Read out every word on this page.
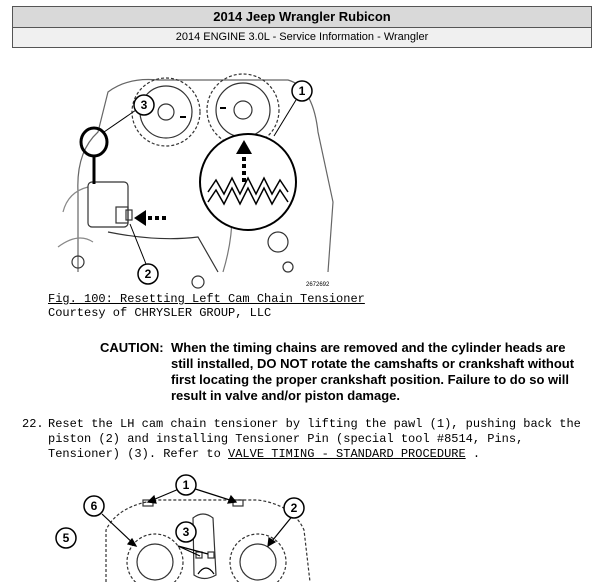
2014 Jeep Wrangler Rubicon
2014 ENGINE 3.0L - Service Information - Wrangler
1
2
3
2672692
Fig. 100: Resetting Left Cam Chain Tensioner
Courtesy of CHRYSLER GROUP, LLC
CAUTION: When the timing chains are removed and the cylinder heads are still installed, DO NOT rotate the camshafts or crankshaft without first locating the proper crankshaft position. Failure to do so will result in valve and/or piston damage.
22. Reset the LH cam chain tensioner by lifting the pawl (1), pushing back the piston (2) and installing Tensioner Pin (special tool #8514, Pins, Tensioner) (3). Refer to VALVE TIMING - STANDARD PROCEDURE .
1
2
3
5
6
